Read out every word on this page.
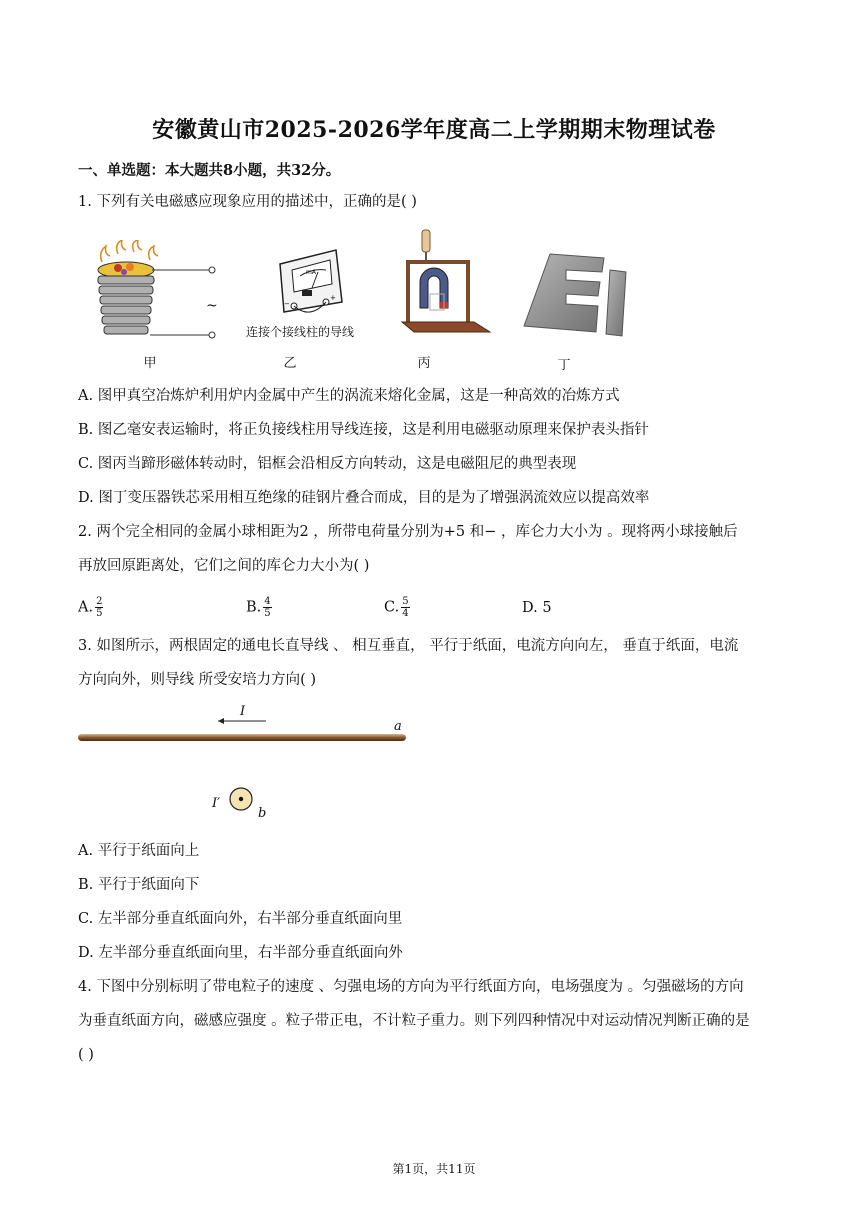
安徽黄山市2025-2026学年度高二上学期期末物理试卷
一、单选题：本大题共8小题，共32分。
1. 下列有关电磁感应现象应用的描述中，正确的是( )
~
mA
−
+
连接个接线柱的导线
甲	乙	丙	丁
A. 图甲真空冶炼炉利用炉内金属中产生的涡流来熔化金属，这是一种高效的冶炼方式
B. 图乙毫安表运输时，将正负接线柱用导线连接，这是利用电磁驱动原理来保护表头指针
C. 图丙当蹄形磁体转动时，铝框会沿相反方向转动，这是电磁阻尼的典型表现
D. 图丁变压器铁芯采用相互绝缘的硅钢片叠合而成，目的是为了增强涡流效应以提高效率
2. 两个完全相同的金属小球相距为2 ，所带电荷量分别为+5 和− ，库仑力大小为 。现将两小球接触后
再放回原距离处，它们之间的库仑力大小为( )
A. $\frac{2}{5}$	B. $\frac{4}{5}$	C. $\frac{5}{4}$	D. 5
3. 如图所示，两根固定的通电长直导线 、 相互垂直， 平行于纸面，电流方向向左， 垂直于纸面，电流
方向向外，则导线 所受安培力方向( )
I
a
I′
b
A. 平行于纸面向上
B. 平行于纸面向下
C. 左半部分垂直纸面向外，右半部分垂直纸面向里
D. 左半部分垂直纸面向里，右半部分垂直纸面向外
4. 下图中分别标明了带电粒子的速度 、匀强电场的方向为平行纸面方向，电场强度为 。匀强磁场的方向
为垂直纸面方向，磁感应强度 。粒子带正电，不计粒子重力。则下列四种情况中对运动情况判断正确的是
( )
第1页，共11页
